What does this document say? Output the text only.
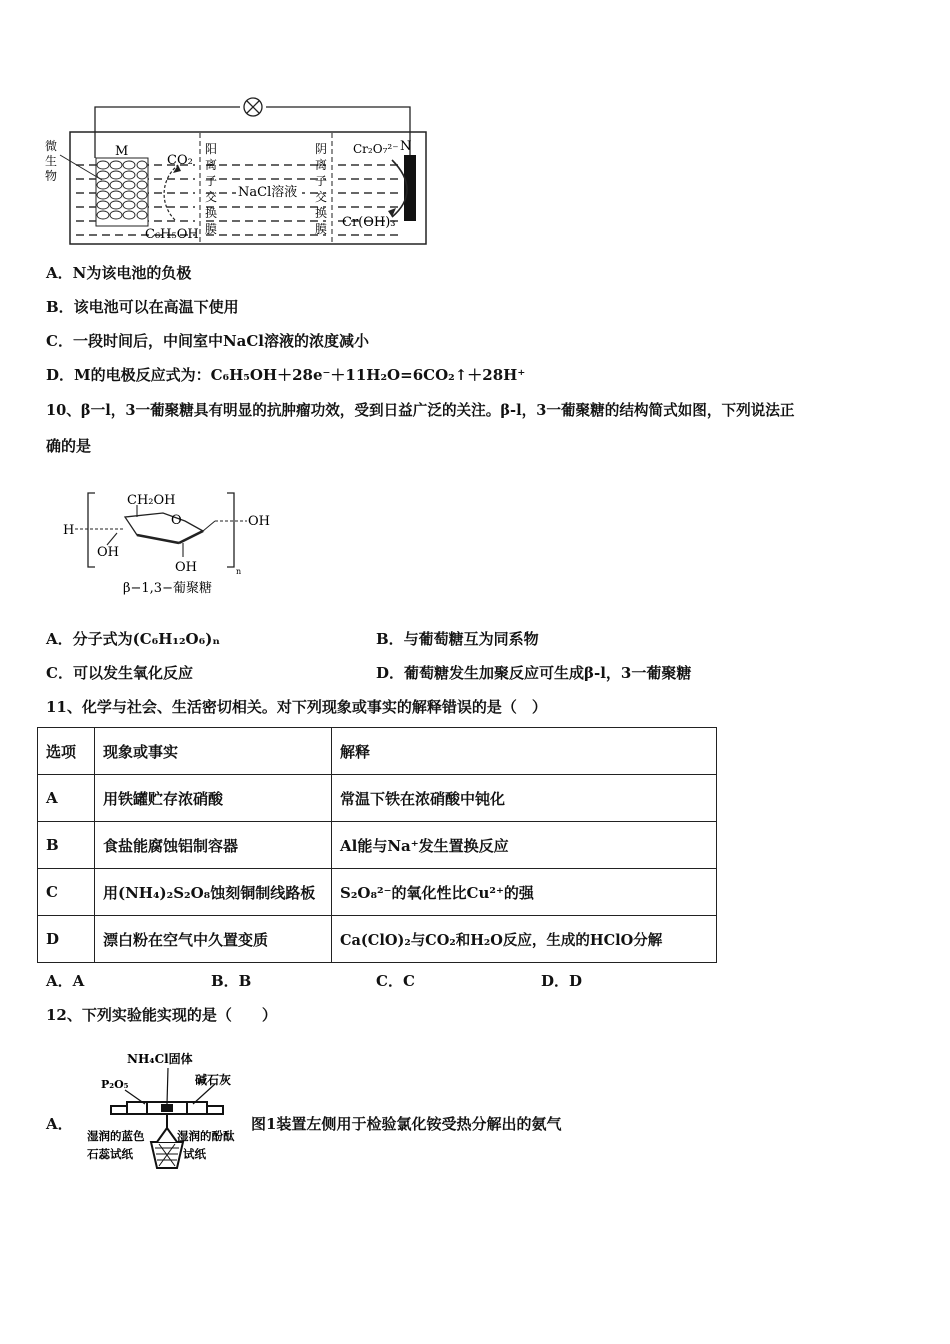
微
生
物
M	N
CO₂
C₆H₅OH
Cr₂O₇²⁻
Cr(OH)₃
NaCl溶液
阳
离
子
交
换
膜
阴
离
子
交
换
膜
A．N为该电池的负极
B．该电池可以在高温下使用
C．一段时间后，中间室中NaCl溶液的浓度减小
D．M的电极反应式为：C₆H₅OH＋28e⁻＋11H₂O=6CO₂↑＋28H⁺
10、β一l，3一葡聚糖具有明显的抗肿瘤功效，受到日益广泛的关注。β-l，3一葡聚糖的结构简式如图，下列说法正
确的是
CH₂OH
O
H
OH
OH
OH
n
β−1,3−葡聚糖
A．分子式为(C₆H₁₂O₆)ₙ	B．与葡萄糖互为同系物
C．可以发生氧化反应	D．葡萄糖发生加聚反应可生成β-l，3一葡聚糖
11、化学与社会、生活密切相关。对下列现象或事实的解释错误的是（　）
选项	现象或事实	解释
A	用铁罐贮存浓硝酸	常温下铁在浓硝酸中钝化
B	食盐能腐蚀铝制容器	Al能与Na⁺发生置换反应
C	用(NH₄)₂S₂O₈蚀刻铜制线路板	S₂O₈²⁻的氧化性比Cu²⁺的强
D	漂白粉在空气中久置变质	Ca(ClO)₂与CO₂和H₂O反应，生成的HClO分解
A．A	B．B	C．C	D．D
12、下列实验能实现的是（　　）
A．
NH₄Cl固体
P₂O₅	碱石灰
湿润的蓝色
石蕊试纸
湿润的酚酞
试纸
图1装置左侧用于检验氯化铵受热分解出的氨气
